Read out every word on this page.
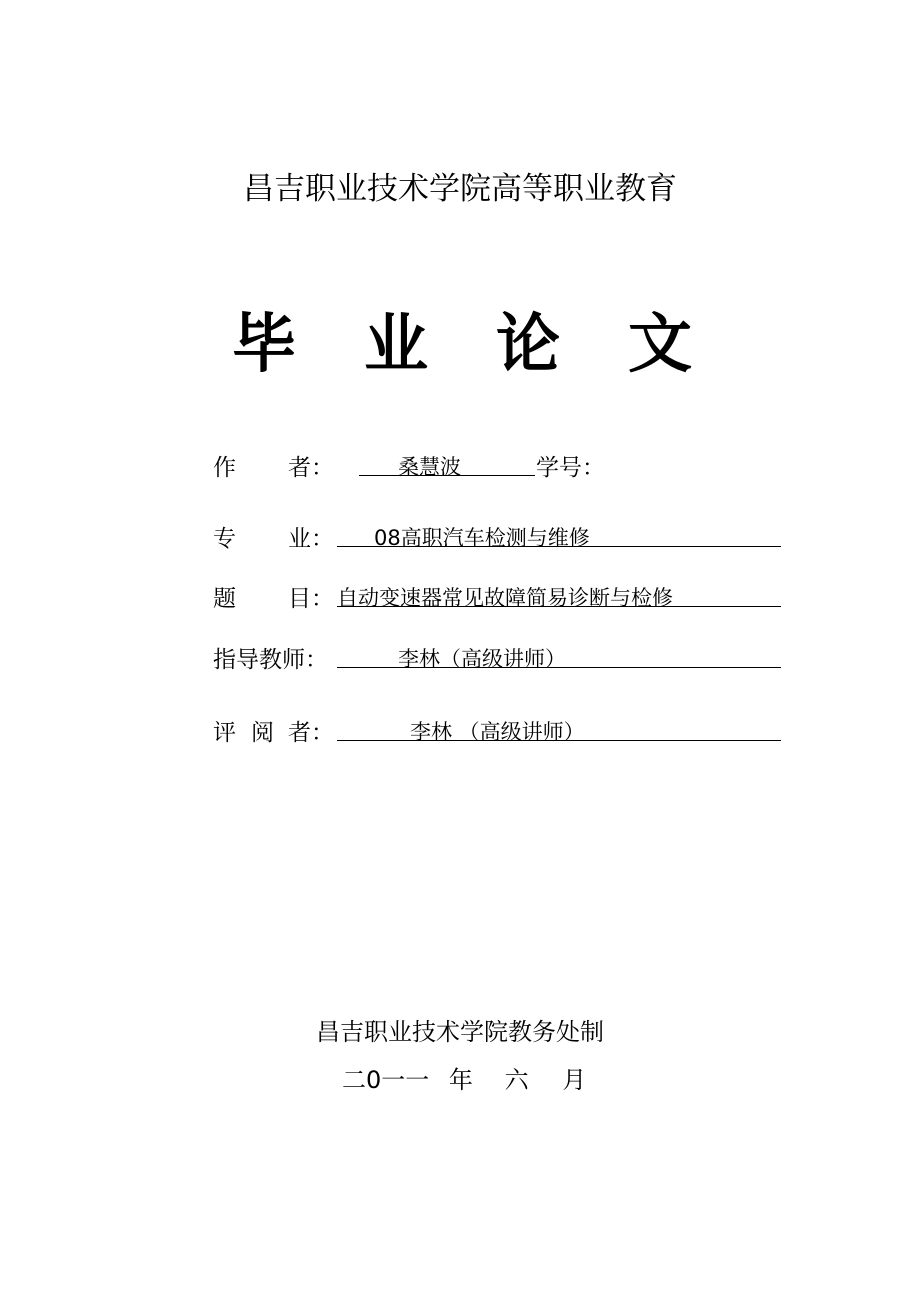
昌吉职业技术学院高等职业教育
毕业论文
作 者：	桑慧波	学号：
专 业： 08高职汽车检测与维修
题 目： 自动变速器常见故障简易诊断与检修
指导教师：	李林（高级讲师）
评 阅 者：	李林 （高级讲师）
昌吉职业技术学院教务处制
二0一一 年 六 月
